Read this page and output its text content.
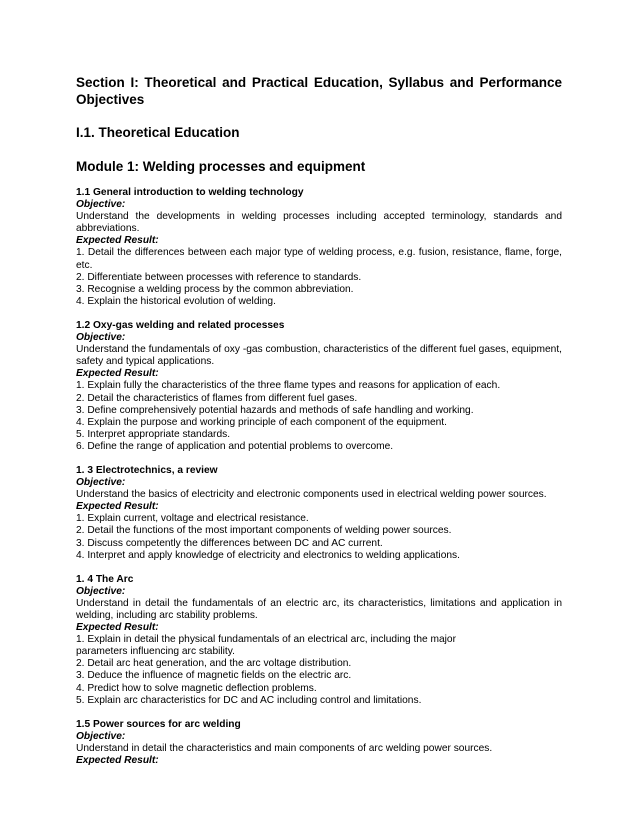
Section I: Theoretical and Practical Education, Syllabus and Performance Objectives

I.1. Theoretical Education

Module 1: Welding processes and equipment

1.1 General introduction to welding technology

Objective:

Understand the developments in welding processes including accepted terminology, standards and abbreviations.

Expected Result:

1. Detail the differences between each major type of welding process, e.g. fusion, resistance, flame, forge, etc.

2. Differentiate between processes with reference to standards.

3. Recognise a welding process by the common abbreviation.

4. Explain the historical evolution of welding.

1.2 Oxy-gas welding and related processes

Objective:

Understand the fundamentals of oxy -gas combustion, characteristics of the different fuel gases, equipment, safety and typical applications.

Expected Result:

1. Explain fully the characteristics of the three flame types and reasons for application of each.

2. Detail the characteristics of flames from different fuel gases.

3. Define comprehensively potential hazards and methods of safe handling and working.

4. Explain the purpose and working principle of each component of the equipment.

5. Interpret appropriate standards.

6. Define the range of application and potential problems to overcome.

1. 3 Electrotechnics, a review

Objective:

Understand the basics of electricity and electronic components used in electrical welding power sources.

Expected Result:

1. Explain current, voltage and electrical resistance.

2. Detail the functions of the most important components of welding power sources.

3. Discuss competently the differences between DC and AC current.

4. Interpret and apply knowledge of electricity and electronics to welding applications.

1. 4 The Arc

Objective:

Understand in detail the fundamentals of an electric arc, its characteristics, limitations and application in welding, including arc stability problems.

Expected Result:

1. Explain in detail the physical fundamentals of an electrical arc, including the major

parameters influencing arc stability.

2. Detail arc heat generation, and the arc voltage distribution.

3. Deduce the influence of magnetic fields on the electric arc.

4. Predict how to solve magnetic deflection problems.

5. Explain arc characteristics for DC and AC including control and limitations.

1.5 Power sources for arc welding

Objective:

Understand in detail the characteristics and main components of arc welding power sources.

Expected Result:
